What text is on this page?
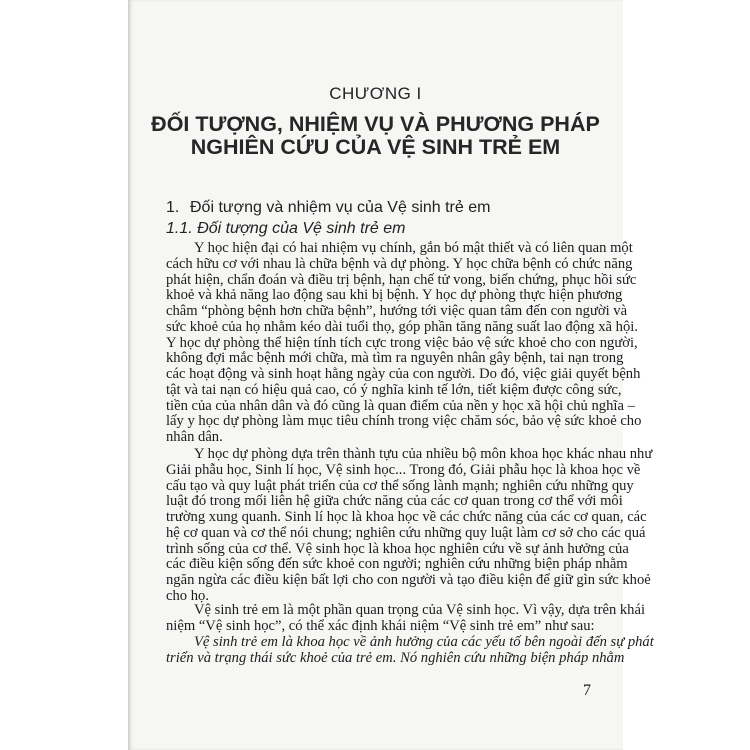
CHƯƠNG I
ĐỐI TƯỢNG, NHIỆM VỤ VÀ PHƯƠNG PHÁP
NGHIÊN CỨU CỦA VỆ SINH TRẺ EM
1. Đối tượng và nhiệm vụ của Vệ sinh trẻ em
1.1. Đối tượng của Vệ sinh trẻ em
Y học hiện đại có hai nhiệm vụ chính, gắn bó mật thiết và có liên quan một
cách hữu cơ với nhau là chữa bệnh và dự phòng. Y học chữa bệnh có chức năng
phát hiện, chẩn đoán và điều trị bệnh, hạn chế tử vong, biến chứng, phục hồi sức
khoẻ và khả năng lao động sau khi bị bệnh. Y học dự phòng thực hiện phương
châm “phòng bệnh hơn chữa bệnh”, hướng tới việc quan tâm đến con người và
sức khoẻ của họ nhằm kéo dài tuổi thọ, góp phần tăng năng suất lao động xã hội.
Y học dự phòng thể hiện tính tích cực trong việc bảo vệ sức khoẻ cho con người,
không đợi mắc bệnh mới chữa, mà tìm ra nguyên nhân gây bệnh, tai nạn trong
các hoạt động và sinh hoạt hằng ngày của con người. Do đó, việc giải quyết bệnh
tật và tai nạn có hiệu quả cao, có ý nghĩa kinh tế lớn, tiết kiệm được công sức,
tiền của của nhân dân và đó cũng là quan điểm của nền y học xã hội chủ nghĩa –
lấy y học dự phòng làm mục tiêu chính trong việc chăm sóc, bảo vệ sức khoẻ cho
nhân dân.
Y học dự phòng dựa trên thành tựu của nhiều bộ môn khoa học khác nhau như
Giải phẫu học, Sinh lí học, Vệ sinh học... Trong đó, Giải phẫu học là khoa học về
cấu tạo và quy luật phát triển của cơ thể sống lành mạnh; nghiên cứu những quy
luật đó trong mối liên hệ giữa chức năng của các cơ quan trong cơ thể với môi
trường xung quanh. Sinh lí học là khoa học về các chức năng của các cơ quan, các
hệ cơ quan và cơ thể nói chung; nghiên cứu những quy luật làm cơ sở cho các quá
trình sống của cơ thể. Vệ sinh học là khoa học nghiên cứu về sự ảnh hưởng của
các điều kiện sống đến sức khoẻ con người; nghiên cứu những biện pháp nhằm
ngăn ngừa các điều kiện bất lợi cho con người và tạo điều kiện để giữ gìn sức khoẻ
cho họ.
Vệ sinh trẻ em là một phần quan trọng của Vệ sinh học. Vì vậy, dựa trên khái
niệm “Vệ sinh học”, có thể xác định khái niệm “Vệ sinh trẻ em” như sau:
Vệ sinh trẻ em là khoa học về ảnh hưởng của các yếu tố bên ngoài đến sự phát
triển và trạng thái sức khoẻ của trẻ em. Nó nghiên cứu những biện pháp nhằm
7
